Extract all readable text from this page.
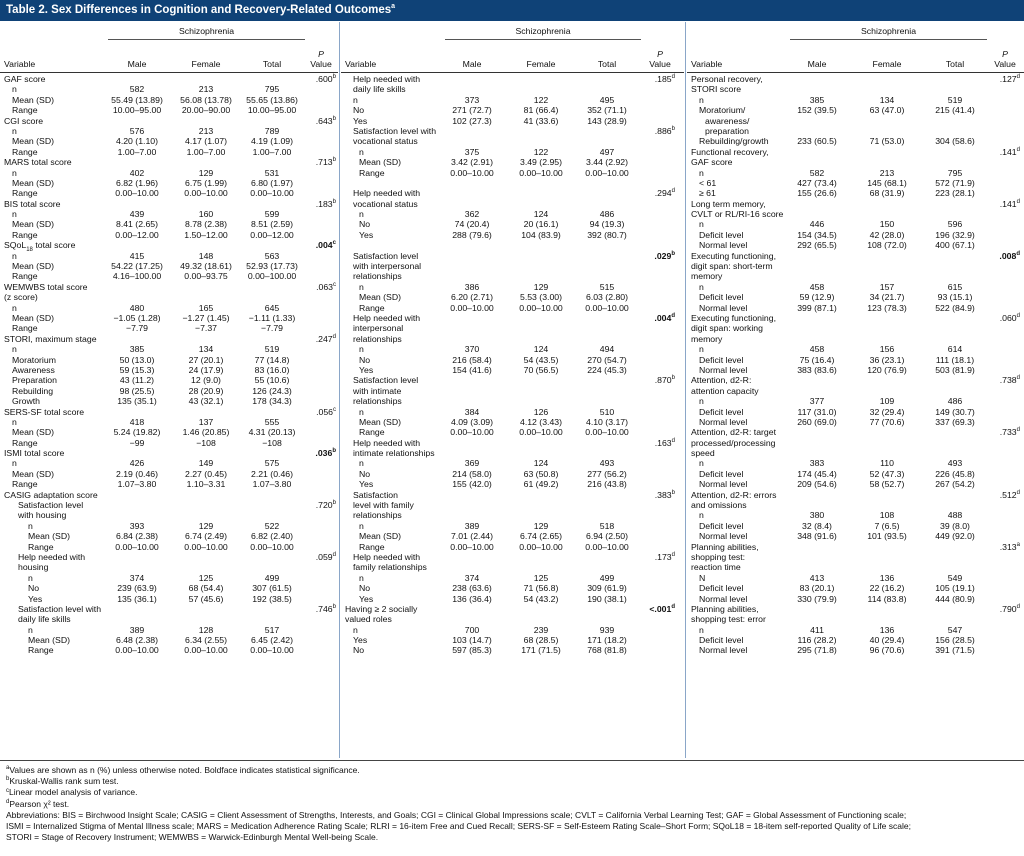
Table 2. Sex Differences in Cognition and Recovery-Related Outcomes$^a$
Schizophrenia
Variable	Male	Female	Total
P
Value
GAF score	.600$^b$
n	582	213	795
Mean (SD)	55.49 (13.89)	56.08 (13.78)	55.65 (13.86)
Range	10.00–95.00	20.00–90.00	10.00–95.00
CGI score	.643$^b$
n	576	213	789
Mean (SD)	4.20 (1.10)	4.17 (1.07)	4.19 (1.09)
Range	1.00–7.00	1.00–7.00	1.00–7.00
MARS total score	.713$^b$
n	402	129	531
Mean (SD)	6.82 (1.96)	6.75 (1.99)	6.80 (1.97)
Range	0.00–10.00	0.00–10.00	0.00–10.00
BIS total score	.183$^b$
n	439	160	599
Mean (SD)	8.41 (2.65)	8.78 (2.38)	8.51 (2.59)
Range	0.00–12.00	1.50–12.00	0.00–12.00
SQoL$_{18}$ total score	.004$^c$
n	415	148	563
Mean (SD)	54.22 (17.25)	49.32 (18.61)	52.93 (17.73)
Range	4.16–100.00	0.00–93.75	0.00–100.00
WEMWBS total score	.063$^c$
(z score)
n	480	165	645
Mean (SD)	−1.05 (1.28)	−1.27 (1.45)	−1.11 (1.33)
Range	−7.79	−7.37	−7.79
STORI, maximum stage	.247$^d$
n	385	134	519
Moratorium	50 (13.0)	27 (20.1)	77 (14.8)
Awareness	59 (15.3)	24 (17.9)	83 (16.0)
Preparation	43 (11.2)	12 (9.0)	55 (10.6)
Rebuilding	98 (25.5)	28 (20.9)	126 (24.3)
Growth	135 (35.1)	43 (32.1)	178 (34.3)
SERS-SF total score	.056$^c$
n	418	137	555
Mean (SD)	5.24 (19.82)	1.46 (20.85)	4.31 (20.13)
Range	−99	−108	−108
ISMI total score	.036$^b$
n	426	149	575
Mean (SD)	2.19 (0.46)	2.27 (0.45)	2.21 (0.46)
Range	1.07–3.80	1.10–3.31	1.07–3.80
CASIG adaptation score
Satisfaction level	.720$^b$
with housing
n	393	129	522
Mean (SD)	6.84 (2.38)	6.74 (2.49)	6.82 (2.40)
Range	0.00–10.00	0.00–10.00	0.00–10.00
Help needed with	.059$^d$
housing
n	374	125	499
No	239 (63.9)	68 (54.4)	307 (61.5)
Yes	135 (36.1)	57 (45.6)	192 (38.5)
Satisfaction level with	.746$^b$
daily life skills
n	389	128	517
Mean (SD)	6.48 (2.38)	6.34 (2.55)	6.45 (2.42)
Range	0.00–10.00	0.00–10.00	0.00–10.00
Schizophrenia
Variable	Male	Female	Total
P
Value
Help needed with	.185$^d$
daily life skills
n	373	122	495
No	271 (72.7)	81 (66.4)	352 (71.1)
Yes	102 (27.3)	41 (33.6)	143 (28.9)
Satisfaction level with	.886$^b$
vocational status
n	375	122	497
Mean (SD)	3.42 (2.91)	3.49 (2.95)	3.44 (2.92)
Range	0.00–10.00	0.00–10.00	0.00–10.00
Help needed with	.294$^d$
vocational status
n	362	124	486
No	74 (20.4)	20 (16.1)	94 (19.3)
Yes	288 (79.6)	104 (83.9)	392 (80.7)
Satisfaction level	.029$^b$
with interpersonal
relationships
n	386	129	515
Mean (SD)	6.20 (2.71)	5.53 (3.00)	6.03 (2.80)
Range	0.00–10.00	0.00–10.00	0.00–10.00
Help needed with	.004$^d$
interpersonal
relationships
n	370	124	494
No	216 (58.4)	54 (43.5)	270 (54.7)
Yes	154 (41.6)	70 (56.5)	224 (45.3)
Satisfaction level	.870$^b$
with intimate
relationships
n	384	126	510
Mean (SD)	4.09 (3.09)	4.12 (3.43)	4.10 (3.17)
Range	0.00–10.00	0.00–10.00	0.00–10.00
Help needed with	.163$^d$
intimate relationships
n	369	124	493
No	214 (58.0)	63 (50.8)	277 (56.2)
Yes	155 (42.0)	61 (49.2)	216 (43.8)
Satisfaction	.383$^b$
level with family
relationships
n	389	129	518
Mean (SD)	7.01 (2.44)	6.74 (2.65)	6.94 (2.50)
Range	0.00–10.00	0.00–10.00	0.00–10.00
Help needed with	.173$^d$
family relationships
n	374	125	499
No	238 (63.6)	71 (56.8)	309 (61.9)
Yes	136 (36.4)	54 (43.2)	190 (38.1)
Having ≥ 2 socially	<.001$^d$
valued roles
n	700	239	939
Yes	103 (14.7)	68 (28.5)	171 (18.2)
No	597 (85.3)	171 (71.5)	768 (81.8)
Schizophrenia
Variable	Male	Female	Total
P
Value
Personal recovery,	.127$^d$
STORI score
n	385	134	519
Moratorium/	152 (39.5)	63 (47.0)	215 (41.4)
awareness/
preparation
Rebuilding/growth	233 (60.5)	71 (53.0)	304 (58.6)
Functional recovery,	.141$^d$
GAF score
n	582	213	795
< 61	427 (73.4)	145 (68.1)	572 (71.9)
≥ 61	155 (26.6)	68 (31.9)	223 (28.1)
Long term memory,	.141$^d$
CVLT or RL/RI-16 score
n	446	150	596
Deficit level	154 (34.5)	42 (28.0)	196 (32.9)
Normal level	292 (65.5)	108 (72.0)	400 (67.1)
Executing functioning,	.008$^d$
digit span: short-term
memory
n	458	157	615
Deficit level	59 (12.9)	34 (21.7)	93 (15.1)
Normal level	399 (87.1)	123 (78.3)	522 (84.9)
Executing functioning,	.060$^d$
digit span: working
memory
n	458	156	614
Deficit level	75 (16.4)	36 (23.1)	111 (18.1)
Normal level	383 (83.6)	120 (76.9)	503 (81.9)
Attention, d2-R:	.738$^d$
attention capacity
n	377	109	486
Deficit level	117 (31.0)	32 (29.4)	149 (30.7)
Normal level	260 (69.0)	77 (70.6)	337 (69.3)
Attention, d2-R: target	.733$^d$
processed/processing
speed
n	383	110	493
Deficit level	174 (45.4)	52 (47.3)	226 (45.8)
Normal level	209 (54.6)	58 (52.7)	267 (54.2)
Attention, d2-R: errors	.512$^d$
and omissions
n	380	108	488
Deficit level	32 (8.4)	7 (6.5)	39 (8.0)
Normal level	348 (91.6)	101 (93.5)	449 (92.0)
Planning abilities,	.313$^a$
shopping test:
reaction time
N	413	136	549
Deficit level	83 (20.1)	22 (16.2)	105 (19.1)
Normal level	330 (79.9)	114 (83.8)	444 (80.9)
Planning abilities,	.790$^d$
shopping test: error
n	411	136	547
Deficit level	116 (28.2)	40 (29.4)	156 (28.5)
Normal level	295 (71.8)	96 (70.6)	391 (71.5)
$^a$Values are shown as n (%) unless otherwise noted. Boldface indicates statistical significance.
$^b$Kruskal-Wallis rank sum test.
$^c$Linear model analysis of variance.
$^d$Pearson χ² test.
Abbreviations: BIS = Birchwood Insight Scale; CASIG = Client Assessment of Strengths, Interests, and Goals; CGI = Clinical Global Impressions scale; CVLT = California Verbal Learning Test; GAF = Global Assessment of Functioning scale;
ISMI = Internalized Stigma of Mental Illness scale; MARS = Medication Adherence Rating Scale; RLRI = 16-item Free and Cued Recall; SERS-SF = Self-Esteem Rating Scale–Short Form; SQoL18 = 18-item self-reported Quality of Life scale;
STORI = Stage of Recovery Instrument; WEMWBS = Warwick-Edinburgh Mental Well-being Scale.
